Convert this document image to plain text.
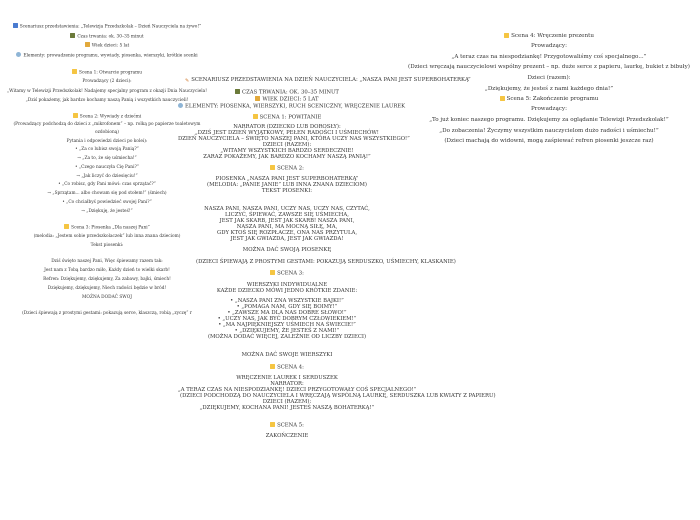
Scenariusz przedstawienia: „Telewizja Przedszkolak – Dzień Nauczyciela na żywo!”
Czas trwania: ok. 30–35 minut
Wiek dzieci: 5 lat
Elementy: prowadzenie programu, wywiady, piosenka, wierszyki, krótkie scenki
Scena 1: Otwarcie programu
Prowadzący (2 dzieci):
„Witamy w Telewizji Przedszkolak! Nadajemy specjalny program z okazji Dnia Nauczyciela!
„Dziś pokażemy, jak bardzo kochamy naszą Panią i wszystkich nauczycieli!
Scena 2: Wywiady z dziećmi
(Prowadzący podchodzą do dzieci z „mikrofonem” – np. rolką po papierze toaletowym
ozdobioną)
Pytania i odpowiedzi dzieci po kolei):
• „Za co lubisz swoją Panią?”
→ „Za to, że się uśmiecha!”
• „Czego nauczyła Cię Pani?”
→ „Jak liczyć do dziesięciu!”
• „Co robisz, gdy Pani mówi: czas sprzątać?”
→ „Sprzątam... albo chowam się pod stołem!” (śmiech)
• „Co chciałbyś powiedzieć swojej Pani?”
→ „Dziękuję, że jesteś!”
Scena 3: Piosenka „Dla naszej Pani”
(melodia: „Jestem sobie przedszkolaczek” lub inna znana dzieciom)
Tekst piosenki:
Dziś święto naszej Pani, Więc śpiewamy razem tak:
Jest nam z Tobą bardzo miło, Każdy dzień to wielki skarb!
Refren: Dziękujemy, dziękujemy, Za zabawy, bajki, śmiech!
Dziękujemy, dziękujemy, Niech radości będzie w bród!
MOŻNA DODAĆ SWOJ
(Dzieci śpiewają z prostymi gestami: pokazują serce, klaszczą, robią „zyczę” r
✎ SCENARIUSZ PRZEDSTAWIENIA NA DZIEŃ NAUCZYCIELA: „NASZA PANI JEST SUPERBOHATERKĄ”
CZAS TRWANIA: OK. 30–35 MINUT
WIEK DZIECI: 5 LAT
ELEMENTY: PIOSENKA, WIERSZYKI, RUCH SCENICZNY, WRĘCZENIE LAUREK
SCENA 1: POWITANIE
NARRATOR (DZIECKO LUB DOROSŁY):
„DZIŚ JEST DZIEŃ WYJĄTKOWY, PEŁEN RADOŚCI I UŚMIECHÓW!
DZIEŃ NAUCZYCIELA – ŚWIĘTO NASZEJ PANI, KTÓRA UCZY NAS WSZYSTKIEGO!”
DZIECI (RAZEM):
„WITAMY WSZYSTKICH BARDZO SERDECZNIE!
ZARAZ POKAŻEMY, JAK BARDZO KOCHAMY NASZĄ PANIĄ!”
SCENA 2:
PIOSENKA „NASZA PANI JEST SUPERBOHATERKĄ”
(MELODIA: „PANIE JANIE” LUB INNA ZNANA DZIECIOM)
TEKST PIOSENKI:
NASZA PANI, NASZA PANI, UCZY NAS, UCZY NAS, CZYTAĆ,
LICZYĆ, ŚPIEWAĆ, ZAWSZE SIĘ UŚMIECHA,
JEST JAK SKARB, JEST JAK SKARB! NASZA PANI,
NASZA PANI, MA MOCNĄ SIŁĘ, MA,
GDY KTOŚ SIĘ ROZPŁACZE, ONA NAS PRZYTULA,
JEST JAK GWIAZDA, JEST JAK GWIAZDA!
MOŻNA DAĆ SWOJĄ PIOSENKĘ
(DZIECI ŚPIEWAJĄ Z PROSTYMI GESTAMI: POKAZUJĄ SERDUSZKO, UŚMIECHY, KLASKANIE)
SCENA 3:
WIERSZYKI INDYWIDUALNE
KAŻDE DZIECKO MÓWI JEDNO KRÓTKIE ZDANIE:
• „NASZA PANI ZNA WSZYSTKIE BAJKI!”
• „POMAGA NAM, GDY SIĘ BOIMY!”
• „ZAWSZE MA DLA NAS DOBRE SŁOWO!”
• „UCZY NAS, JAK BYĆ DOBRYM CZŁOWIEKIEM!”
• „MA NAJPIĘKNIEJSZY UŚMIECH NA ŚWIECIE!”
• „DZIĘKUJEMY, ŻE JESTEŚ Z NAMI!”
(MOŻNA DODAĆ WIĘCEJ, ZALEŻNIE OD LICZBY DZIECI)
MOŻNA DAĆ SWOJE WIERSZYKI
SCENA 4:
WRĘCZENIE LAUREK I SERDUSZEK
NARRATOR:
„A TERAZ CZAS NA NIESPODZIANKĘ! DZIECI PRZYGOTOWAŁY COŚ SPECJALNEGO!”
(DZIECI PODCHODZĄ DO NAUCZYCIELA I WRĘCZAJĄ WSPÓLNĄ LAURKĘ, SERDUSZKA LUB KWIATY Z PAPIERU)
DZIECI (RAZEM):
„DZIĘKUJEMY, KOCHANA PANI! JESTEŚ NASZĄ BOHATERKĄ!”
SCENA 5:
ZAKOŃCZENIE
Scena 4: Wręczenie prezentu
Prowadzący:
„A teraz czas na niespodziankę! Przygotowaliśmy coś specjalnego...”
(Dzieci wręczają nauczycielowi wspólny prezent – np. duże serce z papieru, laurkę, bukiet z bibuły)
Dzieci (razem):
„Dziękujemy, że jesteś z nami każdego dnia!”
Scena 5: Zakończenie programu
Prowadzący:
„To już koniec naszego programu. Dziękujemy za oglądanie Telewizji Przedszkolak!”
„Do zobaczenia! Życzymy wszystkim nauczycielom dużo radości i uśmiechu!”
(Dzieci machają do widowni, mogą zaśpiewać refren piosenki jeszcze raz)
